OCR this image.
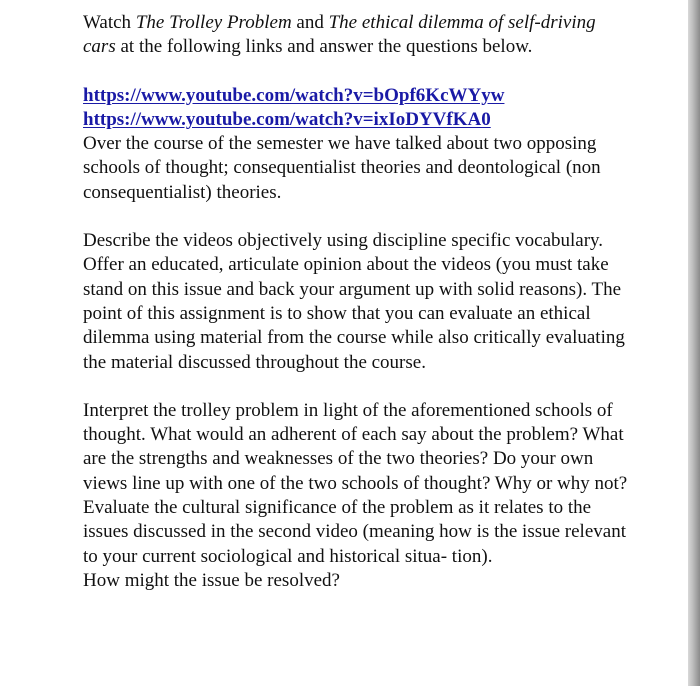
Watch The Trolley Problem and The ethical dilemma of self-driving cars at the following links and answer the questions below.

https://www.youtube.com/watch?v=bOpf6KcWYyw
https://www.youtube.com/watch?v=ixIoDYVfKA0

Over the course of the semester we have talked about two opposing schools of thought; consequentialist theories and deontological (non consequentialist) theories.

Describe the videos objectively using discipline specific vocabulary. Offer an educated, articulate opinion about the videos (you must take stand on this issue and back your argument up with solid reasons). The point of this assignment is to show that you can evaluate an ethical dilemma using material from the course while also critically evaluating the material discussed throughout the course.

Interpret the trolley problem in light of the aforementioned schools of thought. What would an adherent of each say about the problem? What are the strengths and weaknesses of the two theories? Do your own views line up with one of the two schools of thought? Why or why not? Evaluate the cultural significance of the problem as it relates to the issues discussed in the second video (meaning how is the issue relevant to your current sociological and historical situa- tion).

How might the issue be resolved?
